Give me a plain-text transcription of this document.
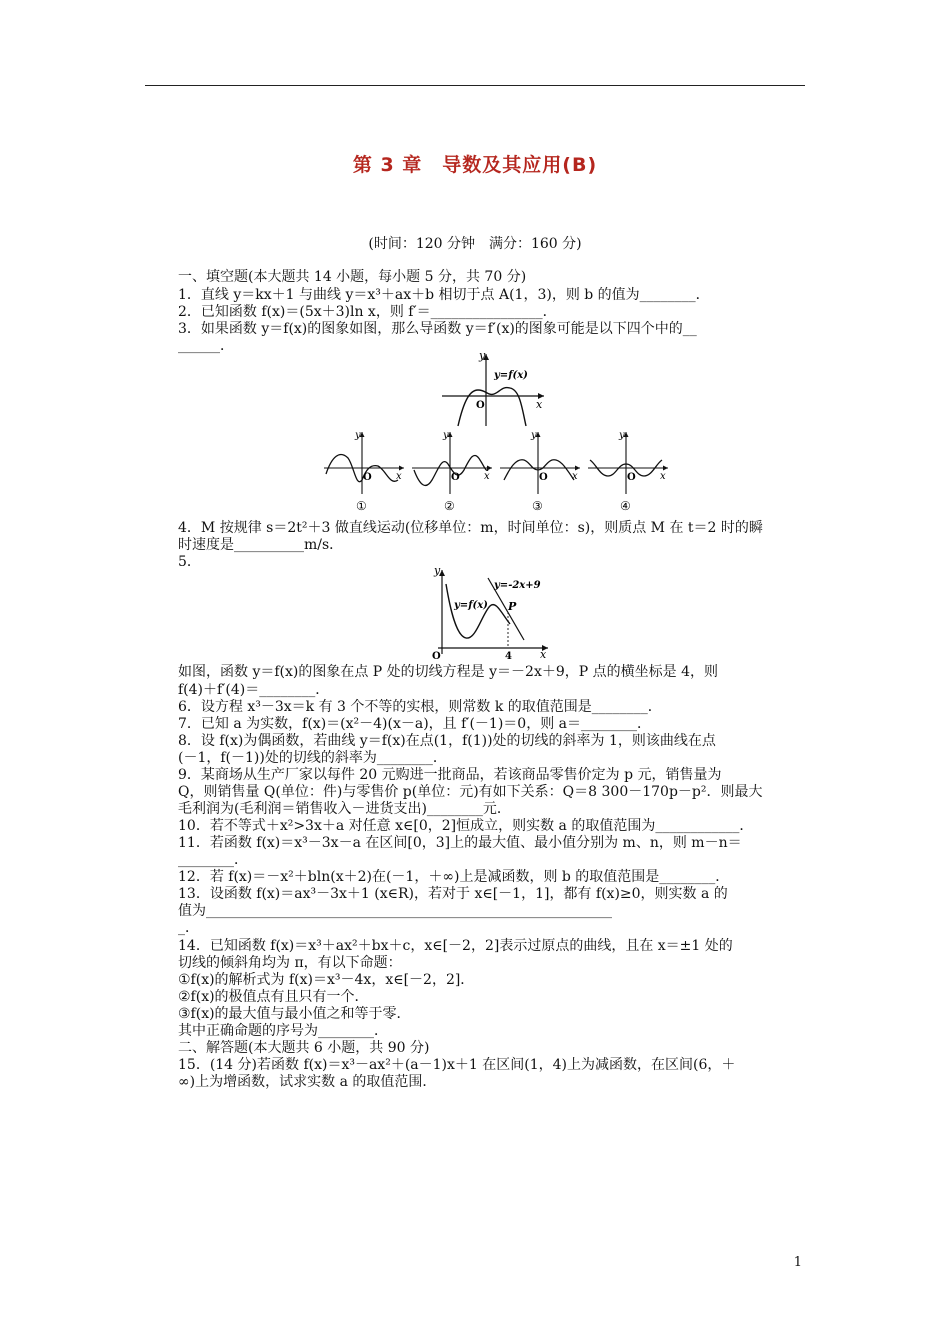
第 3 章　导数及其应用(B)
(时间：120 分钟　满分：160 分)
一、填空题(本大题共 14 小题，每小题 5 分，共 70 分)
1．直线 y＝kx＋1 与曲线 y＝x³＋ax＋b 相切于点 A(1，3)，则 b 的值为________．
2．已知函数 f(x)＝(5x＋3)ln x，则 f′＝________________．
3．如果函数 y＝f(x)的图象如图，那么导函数 y＝f′(x)的图象可能是以下四个中的__
______．
y
x
O
y=f(x)
y
x
O
①
y
x
O
②
y
x
O
③
y
x
O
④
4．M 按规律 s＝2t²＋3 做直线运动(位移单位：m，时间单位：s)，则质点 M 在 t＝2 时的瞬
时速度是__________m/s．
5．
y
x
O
y=f(x)
y=-2x+9
P
4
如图，函数 y＝f(x)的图象在点 P 处的切线方程是 y＝－2x＋9，P 点的横坐标是 4，则
f(4)＋f′(4)＝________．
6．设方程 x³－3x＝k 有 3 个不等的实根，则常数 k 的取值范围是________．
7．已知 a 为实数，f(x)＝(x²－4)(x－a)，且 f′(－1)＝0，则 a＝________．
8．设 f(x)为偶函数，若曲线 y＝f(x)在点(1，f(1))处的切线的斜率为 1，则该曲线在点
(－1，f(－1))处的切线的斜率为________．
9．某商场从生产厂家以每件 20 元购进一批商品，若该商品零售价定为 p 元，销售量为
Q，则销售量 Q(单位：件)与零售价 p(单位：元)有如下关系：Q＝8 300－170p－p²．则最大
毛利润为(毛利润＝销售收入－进货支出)________元．
10．若不等式＋x²>3x＋a 对任意 x∈[0，2]恒成立，则实数 a 的取值范围为____________．
11．若函数 f(x)＝x³－3x－a 在区间[0，3]上的最大值、最小值分别为 m、n，则 m－n＝
________．
12．若 f(x)＝－x²＋bln(x＋2)在(－1，＋∞)上是减函数，则 b 的取值范围是________．
13．设函数 f(x)＝ax³－3x＋1 (x∈R)，若对于 x∈[－1，1]，都有 f(x)≥0，则实数 a 的
值为__________________________________________________________
_．
14．已知函数 f(x)＝x³＋ax²＋bx＋c，x∈[－2，2]表示过原点的曲线，且在 x＝±1 处的
切线的倾斜角均为 π，有以下命题：
①f(x)的解析式为 f(x)＝x³－4x，x∈[－2，2]．
②f(x)的极值点有且只有一个．
③f(x)的最大值与最小值之和等于零．
其中正确命题的序号为________．
二、解答题(本大题共 6 小题，共 90 分)
15．(14 分)若函数 f(x)＝x³－ax²＋(a－1)x＋1 在区间(1，4)上为减函数，在区间(6，＋
∞)上为增函数，试求实数 a 的取值范围．
1
